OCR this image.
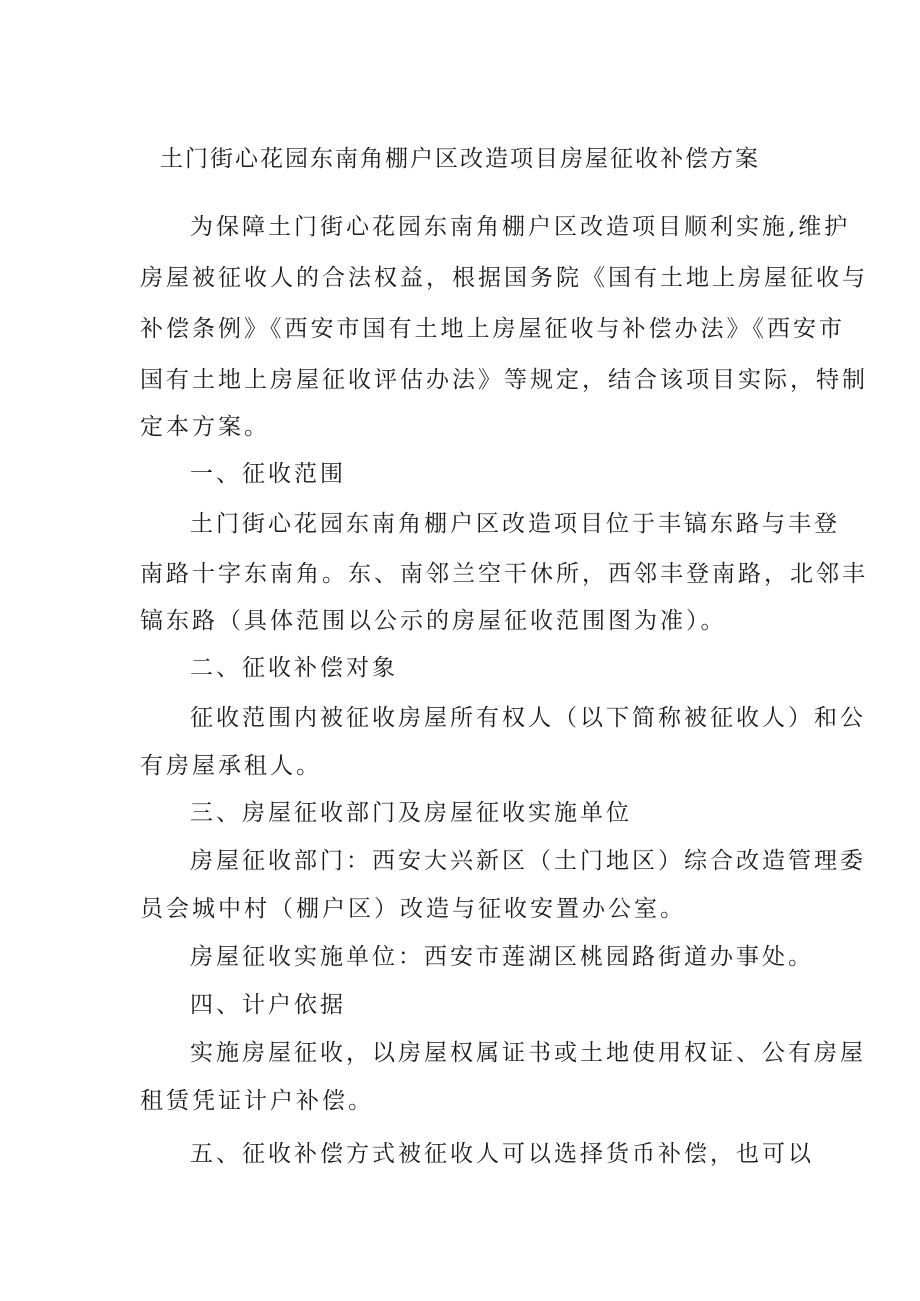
土门街心花园东南角棚户区改造项目房屋征收补偿方案
为保障土门街心花园东南角棚户区改造项目顺利实施,维护
房屋被征收人的合法权益，根据国务院《国有土地上房屋征收与
补偿条例》《西安市国有土地上房屋征收与补偿办法》《西安市
国有土地上房屋征收评估办法》等规定，结合该项目实际，特制
定本方案。
一、征收范围
土门街心花园东南角棚户区改造项目位于丰镐东路与丰登
南路十字东南角。东、南邻兰空干休所，西邻丰登南路，北邻丰
镐东路（具体范围以公示的房屋征收范围图为准）。
二、征收补偿对象
征收范围内被征收房屋所有权人（以下简称被征收人）和公
有房屋承租人。
三、房屋征收部门及房屋征收实施单位
房屋征收部门：西安大兴新区（土门地区）综合改造管理委
员会城中村（棚户区）改造与征收安置办公室。
房屋征收实施单位：西安市莲湖区桃园路街道办事处。
四、计户依据
实施房屋征收，以房屋权属证书或土地使用权证、公有房屋
租赁凭证计户补偿。
五、征收补偿方式被征收人可以选择货币补偿，也可以
